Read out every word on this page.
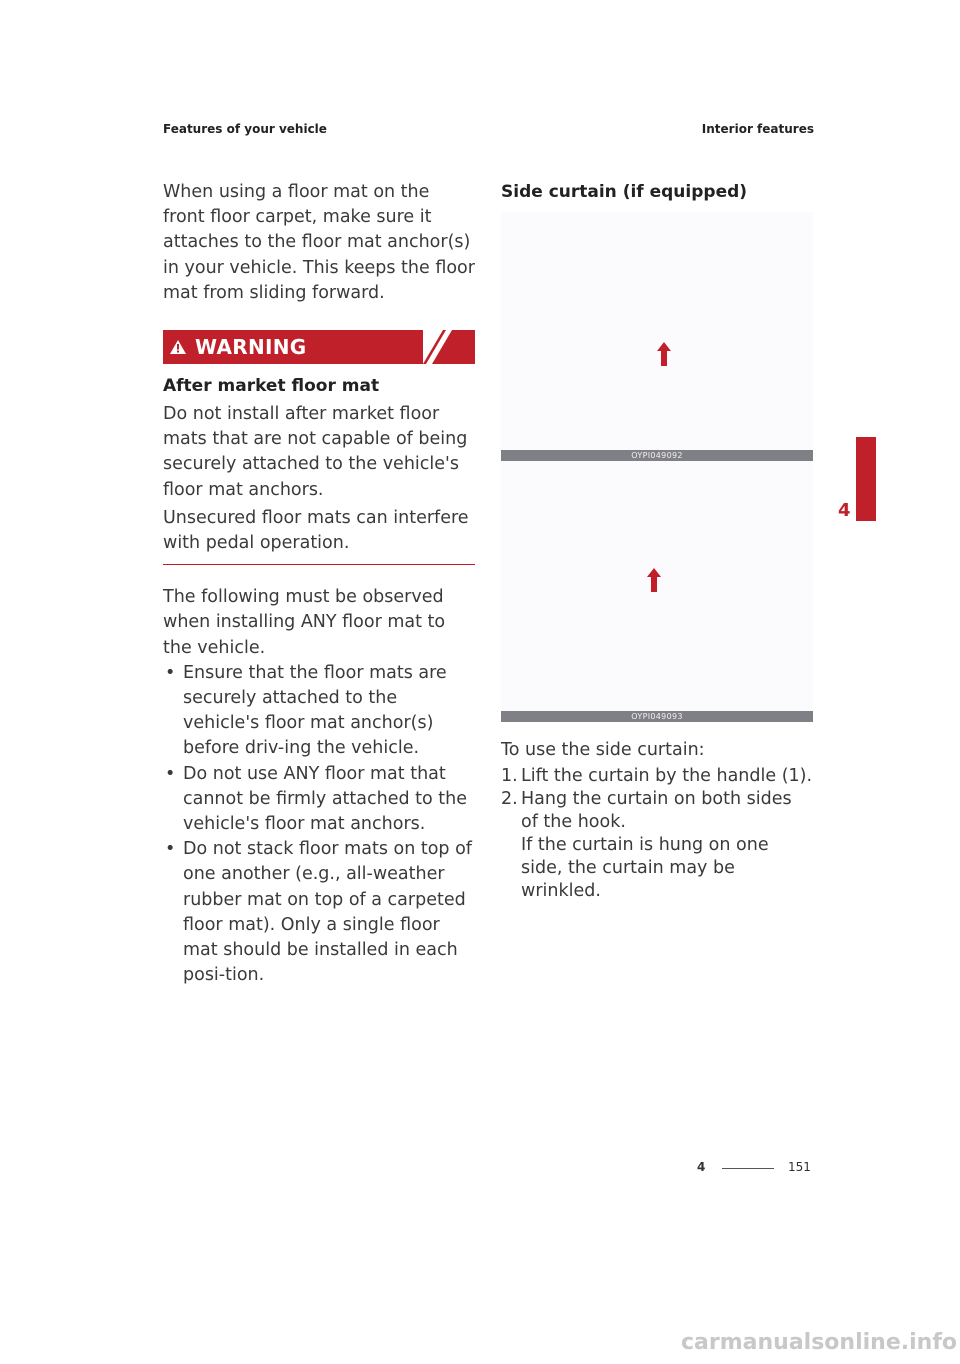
Features of your vehicle	Interior features

When using a floor mat on the front floor carpet, make sure it attaches to the floor mat anchor(s) in your vehicle. This keeps the floor mat from sliding forward.

WARNING
After market floor mat

Do not install after market floor mats that are not capable of being securely attached to the vehicle's floor mat anchors.

Unsecured floor mats can interfere with pedal operation.

The following must be observed when installing ANY floor mat to the vehicle.

• Ensure that the floor mats are securely attached to the vehicle's floor mat anchor(s) before driv-ing the vehicle.
• Do not use ANY floor mat that cannot be firmly attached to the vehicle's floor mat anchors.
• Do not stack floor mats on top of one another (e.g., all-weather rubber mat on top of a carpeted floor mat). Only a single floor mat should be installed in each posi-tion.
Side curtain (if equipped)
OYPI049092
OYPI049093

To use the side curtain:

1. Lift the curtain by the handle (1).
2. Hang the curtain on both sides of the hook.
If the curtain is hung on one side, the curtain may be wrinkled.
4
4	151
carmanualsonline.info
